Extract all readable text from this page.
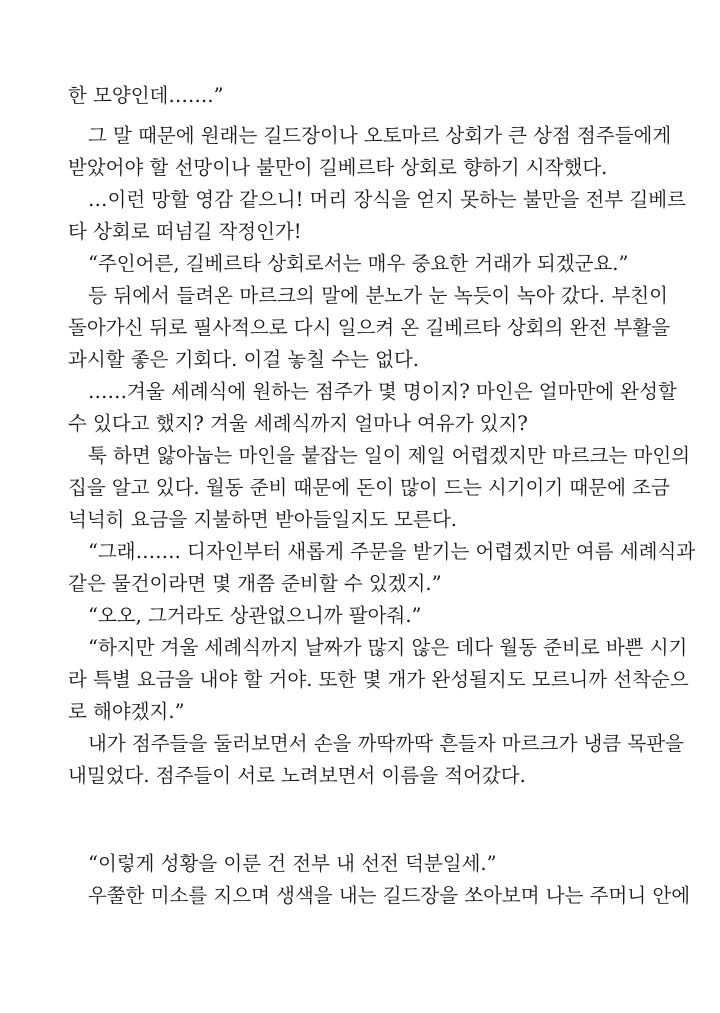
한 모양인데…….”
그 말 때문에 원래는 길드장이나 오토마르 상회가 큰 상점 점주들에게
받았어야 할 선망이나 불만이 길베르타 상회로 향하기 시작했다.
…이런 망할 영감 같으니! 머리 장식을 얻지 못하는 불만을 전부 길베르
타 상회로 떠넘길 작정인가!
“주인어른, 길베르타 상회로서는 매우 중요한 거래가 되겠군요.”
등 뒤에서 들려온 마르크의 말에 분노가 눈 녹듯이 녹아 갔다. 부친이
돌아가신 뒤로 필사적으로 다시 일으켜 온 길베르타 상회의 완전 부활을
과시할 좋은 기회다. 이걸 놓칠 수는 없다.
……겨울 세례식에 원하는 점주가 몇 명이지? 마인은 얼마만에 완성할
수 있다고 했지? 겨울 세례식까지 얼마나 여유가 있지?
툭 하면 앓아눕는 마인을 붙잡는 일이 제일 어렵겠지만 마르크는 마인의
집을 알고 있다. 월동 준비 때문에 돈이 많이 드는 시기이기 때문에 조금
넉넉히 요금을 지불하면 받아들일지도 모른다.
“그래……. 디자인부터 새롭게 주문을 받기는 어렵겠지만 여름 세례식과
같은 물건이라면 몇 개쯤 준비할 수 있겠지.”
“오오, 그거라도 상관없으니까 팔아줘.”
“하지만 겨울 세례식까지 날짜가 많지 않은 데다 월동 준비로 바쁜 시기
라 특별 요금을 내야 할 거야. 또한 몇 개가 완성될지도 모르니까 선착순으
로 해야겠지.”
내가 점주들을 둘러보면서 손을 까딱까딱 흔들자 마르크가 냉큼 목판을
내밀었다. 점주들이 서로 노려보면서 이름을 적어갔다.
“이렇게 성황을 이룬 건 전부 내 선전 덕분일세.”
우쭐한 미소를 지으며 생색을 내는 길드장을 쏘아보며 나는 주머니 안에
